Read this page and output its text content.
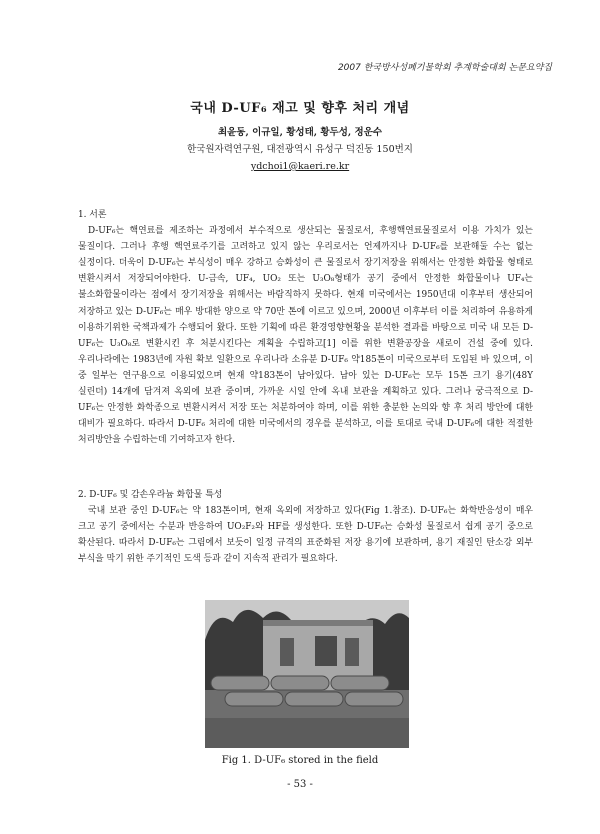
2007 한국방사성폐기물학회 추계학술대회 논문요약집
국내 D-UF₆ 재고 및 향후 처리 개념
최윤동, 이규일, 황성태, 황두성, 정운수
한국원자력연구원, 대전광역시 유성구 덕진동 150번지
ydchoi1@kaeri.re.kr

1. 서론

D-UF₆는 핵연료를 제조하는 과정에서 부수적으로 생산되는 물질로서, 후행핵연료물질로서 이용 가치가 있는 물질이다. 그러나 후행 핵연료주기를 고려하고 있지 않는 우리로서는 언제까지나 D-UF₆를 보관해둘 수는 없는 실정이다. 더욱이 D-UF₆는 부식성이 매우 강하고 승화성이 큰 물질로서 장기저장을 위해서는 안정한 화합물 형태로 변환시켜서 저장되어야한다. U-금속, UF₄, UO₂ 또는 U₃O₈형태가 공기 중에서 안정한 화합물이나 UF₄는 불소화합물이라는 점에서 장기저장을 위해서는 바람직하지 못하다. 현재 미국에서는 1950년대 이후부터 생산되어 저장하고 있는 D-UF₆는 매우 방대한 양으로 약 70만 톤에 이르고 있으며, 2000년 이후부터 이를 처리하여 유용하게 이용하기위한 국책과제가 수행되어 왔다. 또한 기획에 따른 환경영향현황을 분석한 결과를 바탕으로 미국 내 모든 D-UF₆는 U₃O₈로 변환시킨 후 처분시킨다는 계획을 수립하고[1] 이를 위한 변환공장을 새로이 건설 중에 있다. 우리나라에는 1983년에 자원 확보 일환으로 우리나라 소유분 D-UF₆ 약185톤이 미국으로부터 도입된 바 있으며, 이 중 일부는 연구용으로 이용되었으며 현재 약183톤이 남아있다. 남아 있는 D-UF₆는 모두 15톤 크기 용기(48Y 실린더) 14개에 담겨져 옥외에 보관 중이며, 가까운 시일 안에 옥내 보관을 계획하고 있다. 그러나 궁극적으로 D-UF₆는 안정한 화학종으로 변환시켜서 저장 또는 처분하여야 하며, 이를 위한 충분한 논의와 향 후 처리 방안에 대한 대비가 필요하다. 따라서 D-UF₆ 처리에 대한 미국에서의 경우를 분석하고, 이를 토대로 국내 D-UF₆에 대한 적절한 처리방안을 수립하는데 기여하고자 한다.

2. D-UF₆ 및 감손우라늄 화합물 특성

국내 보관 중인 D-UF₆는 약 183톤이며, 현재 옥외에 저장하고 있다(Fig 1.참조). D-UF₆는 화학반응성이 매우 크고 공기 중에서는 수분과 반응하여 UO₂F₂와 HF를 생성한다. 또한 D-UF₆는 승화성 물질로서 쉽게 공기 중으로 확산된다. 따라서 D-UF₆는 그림에서 보듯이 일정 규격의 표준화된 저장 용기에 보관하며, 용기 재질인 탄소강 외부 부식을 막기 위한 주기적인 도색 등과 같이 지속적 관리가 필요하다.

Fig 1. D-UF₆ stored in the field
- 53 -
